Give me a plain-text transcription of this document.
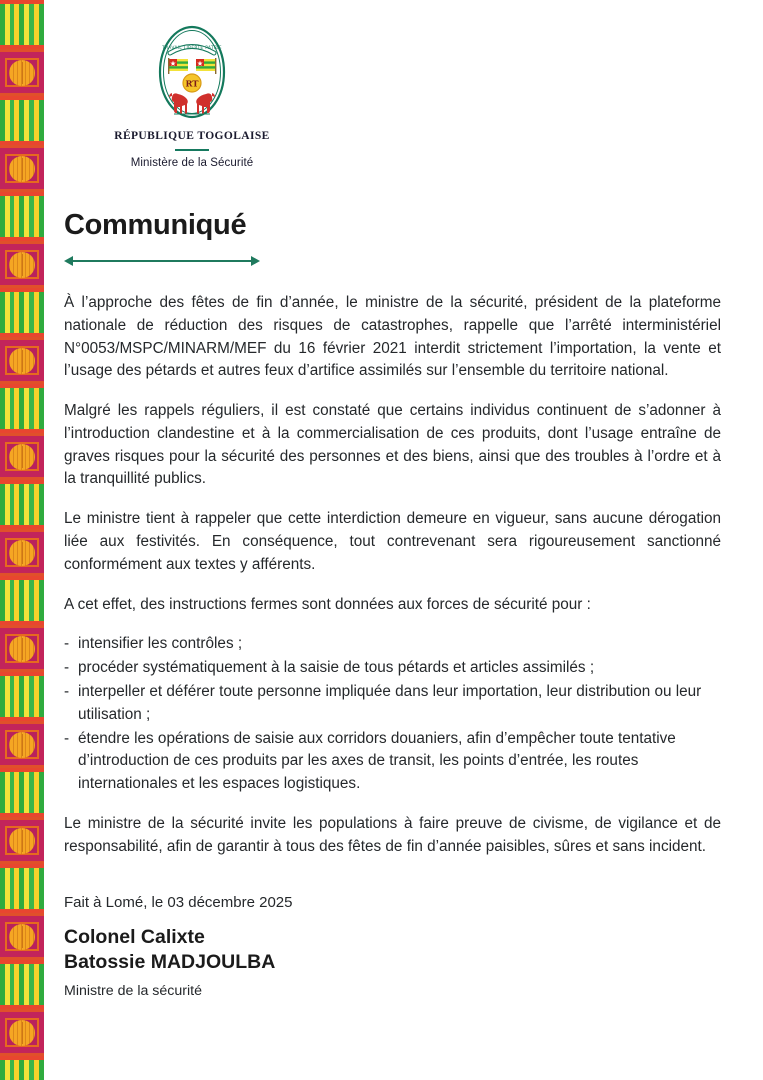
TRAVAIL LIBERTE PATRIE
RT
RÉPUBLIQUE TOGOLAISE
Ministère de la Sécurité
Communiqué

À l’approche des fêtes de fin d’année, le ministre de la sécurité, président de la plateforme nationale de réduction des risques de catastrophes, rappelle que l’arrêté interministériel N°0053/MSPC/MINARM/MEF du 16 février 2021 interdit strictement l’importation, la vente et l’usage des pétards et autres feux d’artifice assimilés sur l’ensemble du territoire national.

Malgré les rappels réguliers, il est constaté que certains individus continuent de s’adonner à l’introduction clandestine et à la commercialisation de ces produits, dont l’usage entraîne de graves risques pour la sécurité des personnes et des biens, ainsi que des troubles à l’ordre et à la tranquillité publics.

Le ministre tient à rappeler que cette interdiction demeure en vigueur, sans aucune dérogation liée aux festivités. En conséquence, tout contrevenant sera rigoureusement sanctionné conformément aux textes y afférents.

A cet effet, des instructions fermes sont données aux forces de sécurité pour :

- intensifier les contrôles ;
- procéder systématiquement à la saisie de tous pétards et articles assimilés ;
- interpeller et déférer toute personne impliquée dans leur importation, leur distribution ou leur utilisation ;
- étendre les opérations de saisie aux corridors douaniers, afin d’empêcher toute tentative d’introduction de ces produits par les axes de transit, les points d’entrée, les routes internationales et les espaces logistiques.

Le ministre de la sécurité invite les populations à faire preuve de civisme, de vigilance et de responsabilité, afin de garantir à tous des fêtes de fin d’année paisibles, sûres et sans incident.

Fait à Lomé, le 03 décembre 2025
Colonel Calixte
Batossie MADJOULBA
Ministre de la sécurité
